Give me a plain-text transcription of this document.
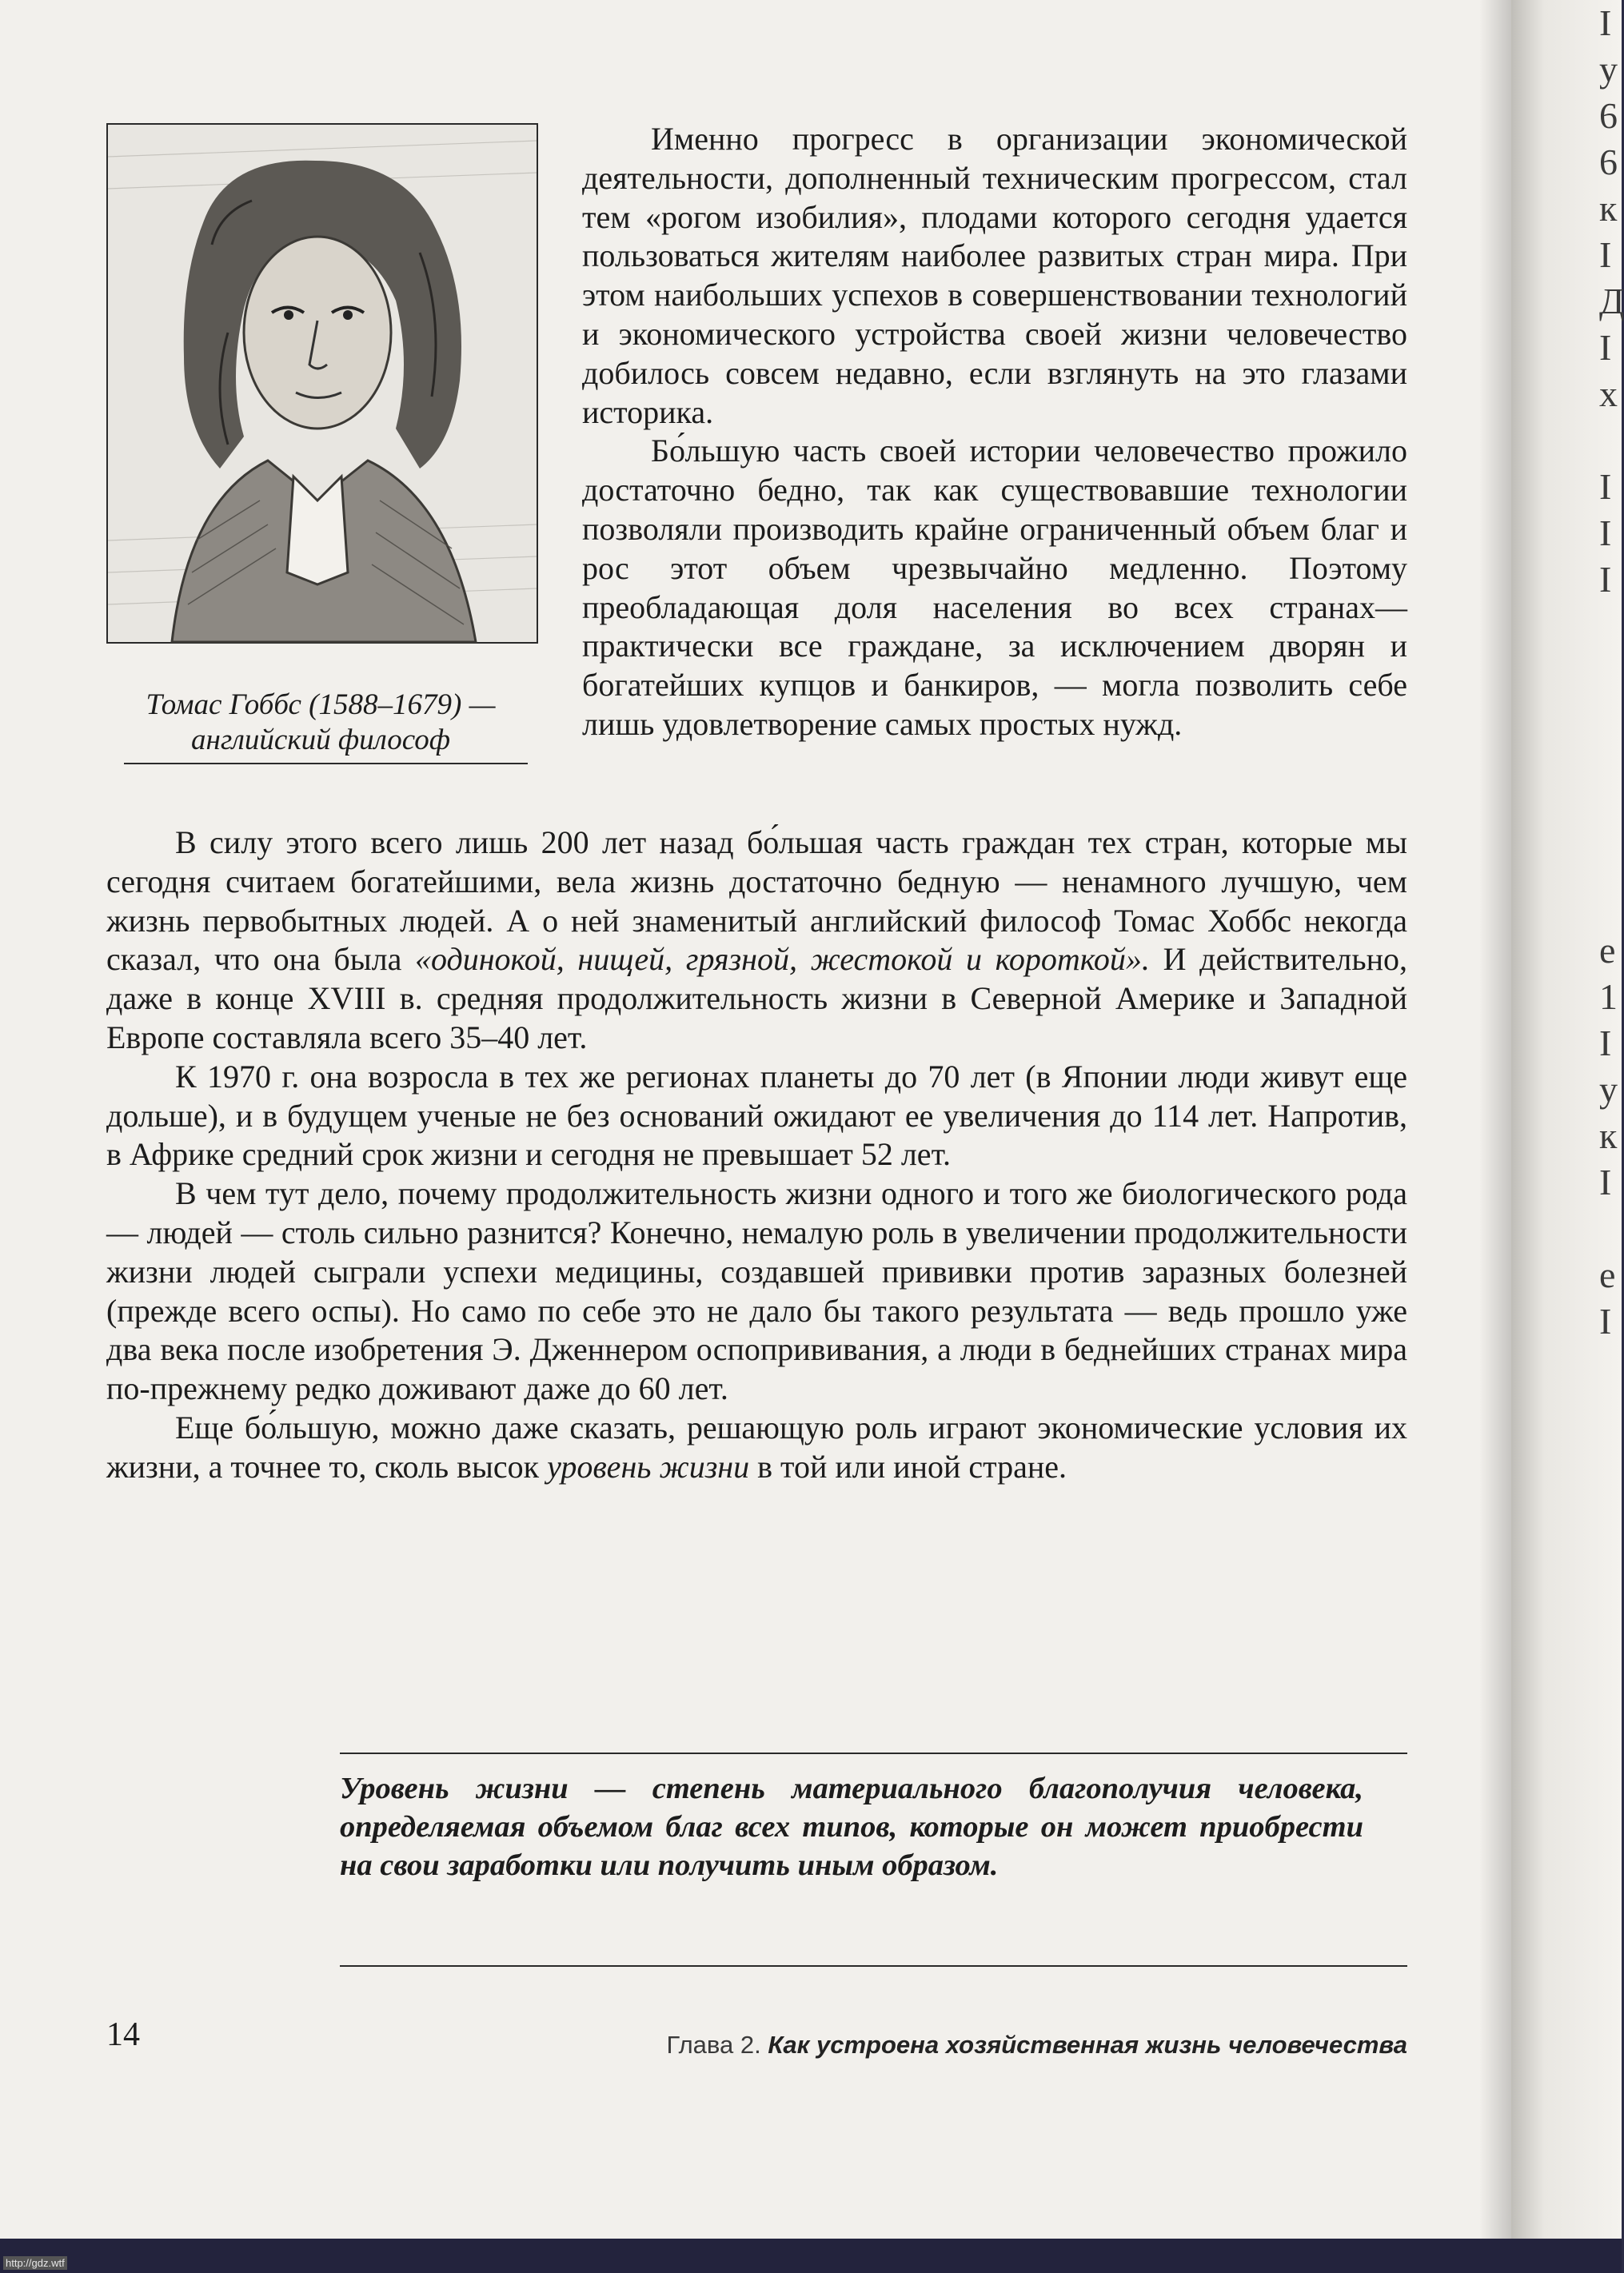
Томас Гоббс (1588–1679) —
английский философ

Именно прогресс в организации экономической деятельности, дополненный техническим прогрессом, стал тем «рогом изобилия», плодами которого сегодня удается пользоваться жителям наиболее развитых стран мира. При этом наибольших успехов в совершенствовании технологий и экономического устройства своей жизни человечество добилось совсем недавно, если взглянуть на это глазами историка.

Бо́льшую часть своей истории человечество прожило достаточно бедно, так как существовавшие технологии позволяли производить крайне ограниченный объем благ и рос этот объем чрезвычайно медленно. Поэтому преобладающая доля населения во всех странах— практически все граждане, за исключением дворян и богатейших купцов и банкиров, — могла позволить себе лишь удовлетворение самых простых нужд.

В силу этого всего лишь 200 лет назад бо́льшая часть граждан тех стран, которые мы сегодня считаем богатейшими, вела жизнь достаточно бедную — ненамного лучшую, чем жизнь первобытных людей. А о ней знаменитый английский философ Томас Хоббс некогда сказал, что она была «одинокой, нищей, грязной, жестокой и короткой». И действительно, даже в конце XVIII в. средняя продолжительность жизни в Северной Америке и Западной Европе составляла всего 35–40 лет.

К 1970 г. она возросла в тех же регионах планеты до 70 лет (в Японии люди живут еще дольше), и в будущем ученые не без оснований ожидают ее увеличения до 114 лет. Напротив, в Африке средний срок жизни и сегодня не превышает 52 лет.

В чем тут дело, почему продолжительность жизни одного и того же биологического рода — людей — столь сильно разнится? Конечно, немалую роль в увеличении продолжительности жизни людей сыграли успехи медицины, создавшей прививки против заразных болезней (прежде всего оспы). Но само по себе это не дало бы такого результата — ведь прошло уже два века после изобретения Э. Дженнером оспопрививания, а люди в беднейших странах мира по-прежнему редко доживают даже до 60 лет.

Еще бо́льшую, можно даже сказать, решающую роль играют экономические условия их жизни, а точнее то, сколь высок уровень жизни в той или иной стране.

Уровень жизни — степень материального благополучия человека, определяемая объемом благ всех типов, которые он может приобрести на свои заработки или получить иным образом.
14	Глава 2. Как устроена хозяйственная жизнь человечества
I
у
6
6
к
I
Д
I
х

I
I
I

е
1
I
у
к
I

е
I
http://gdz.wtf
